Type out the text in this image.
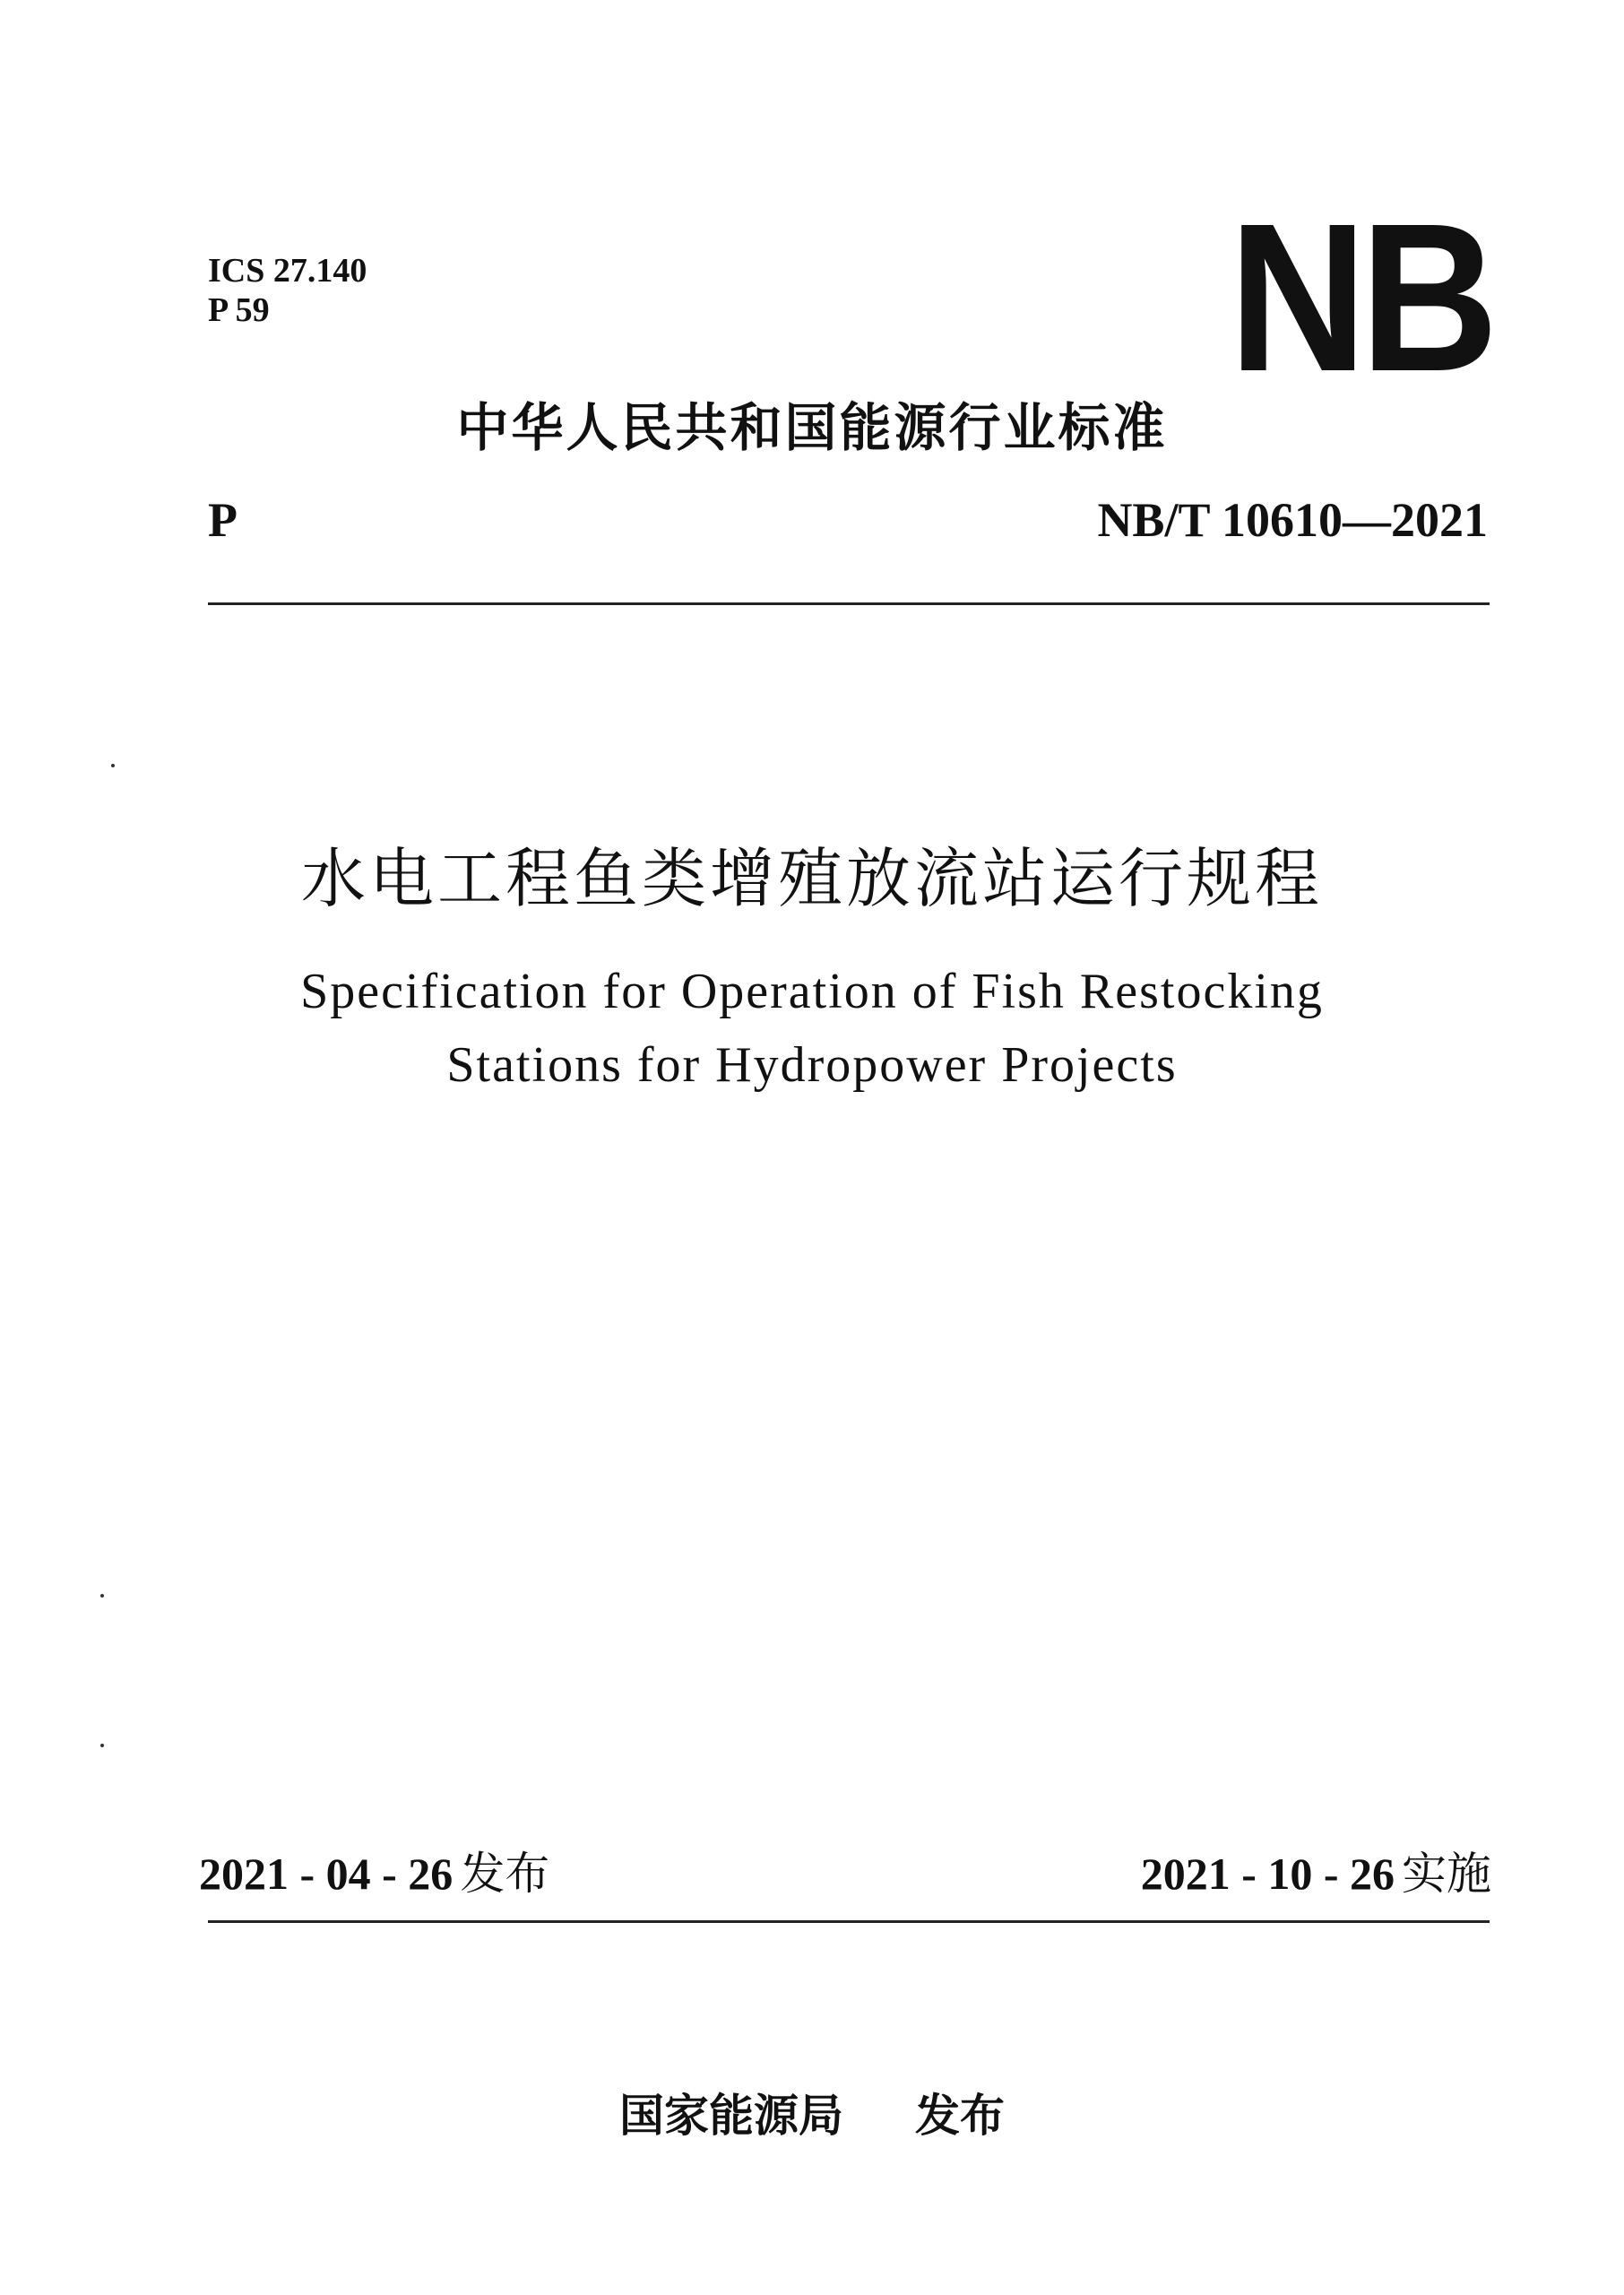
ICS 27.140
P 59	NB
中华人民共和国能源行业标准
P	NB/T 10610—2021
水电工程鱼类增殖放流站运行规程
Specification for Operation of Fish Restocking
Stations for Hydropower Projects
2021 - 04 - 26 发布	2021 - 10 - 26 实施
国家能源局 发布
